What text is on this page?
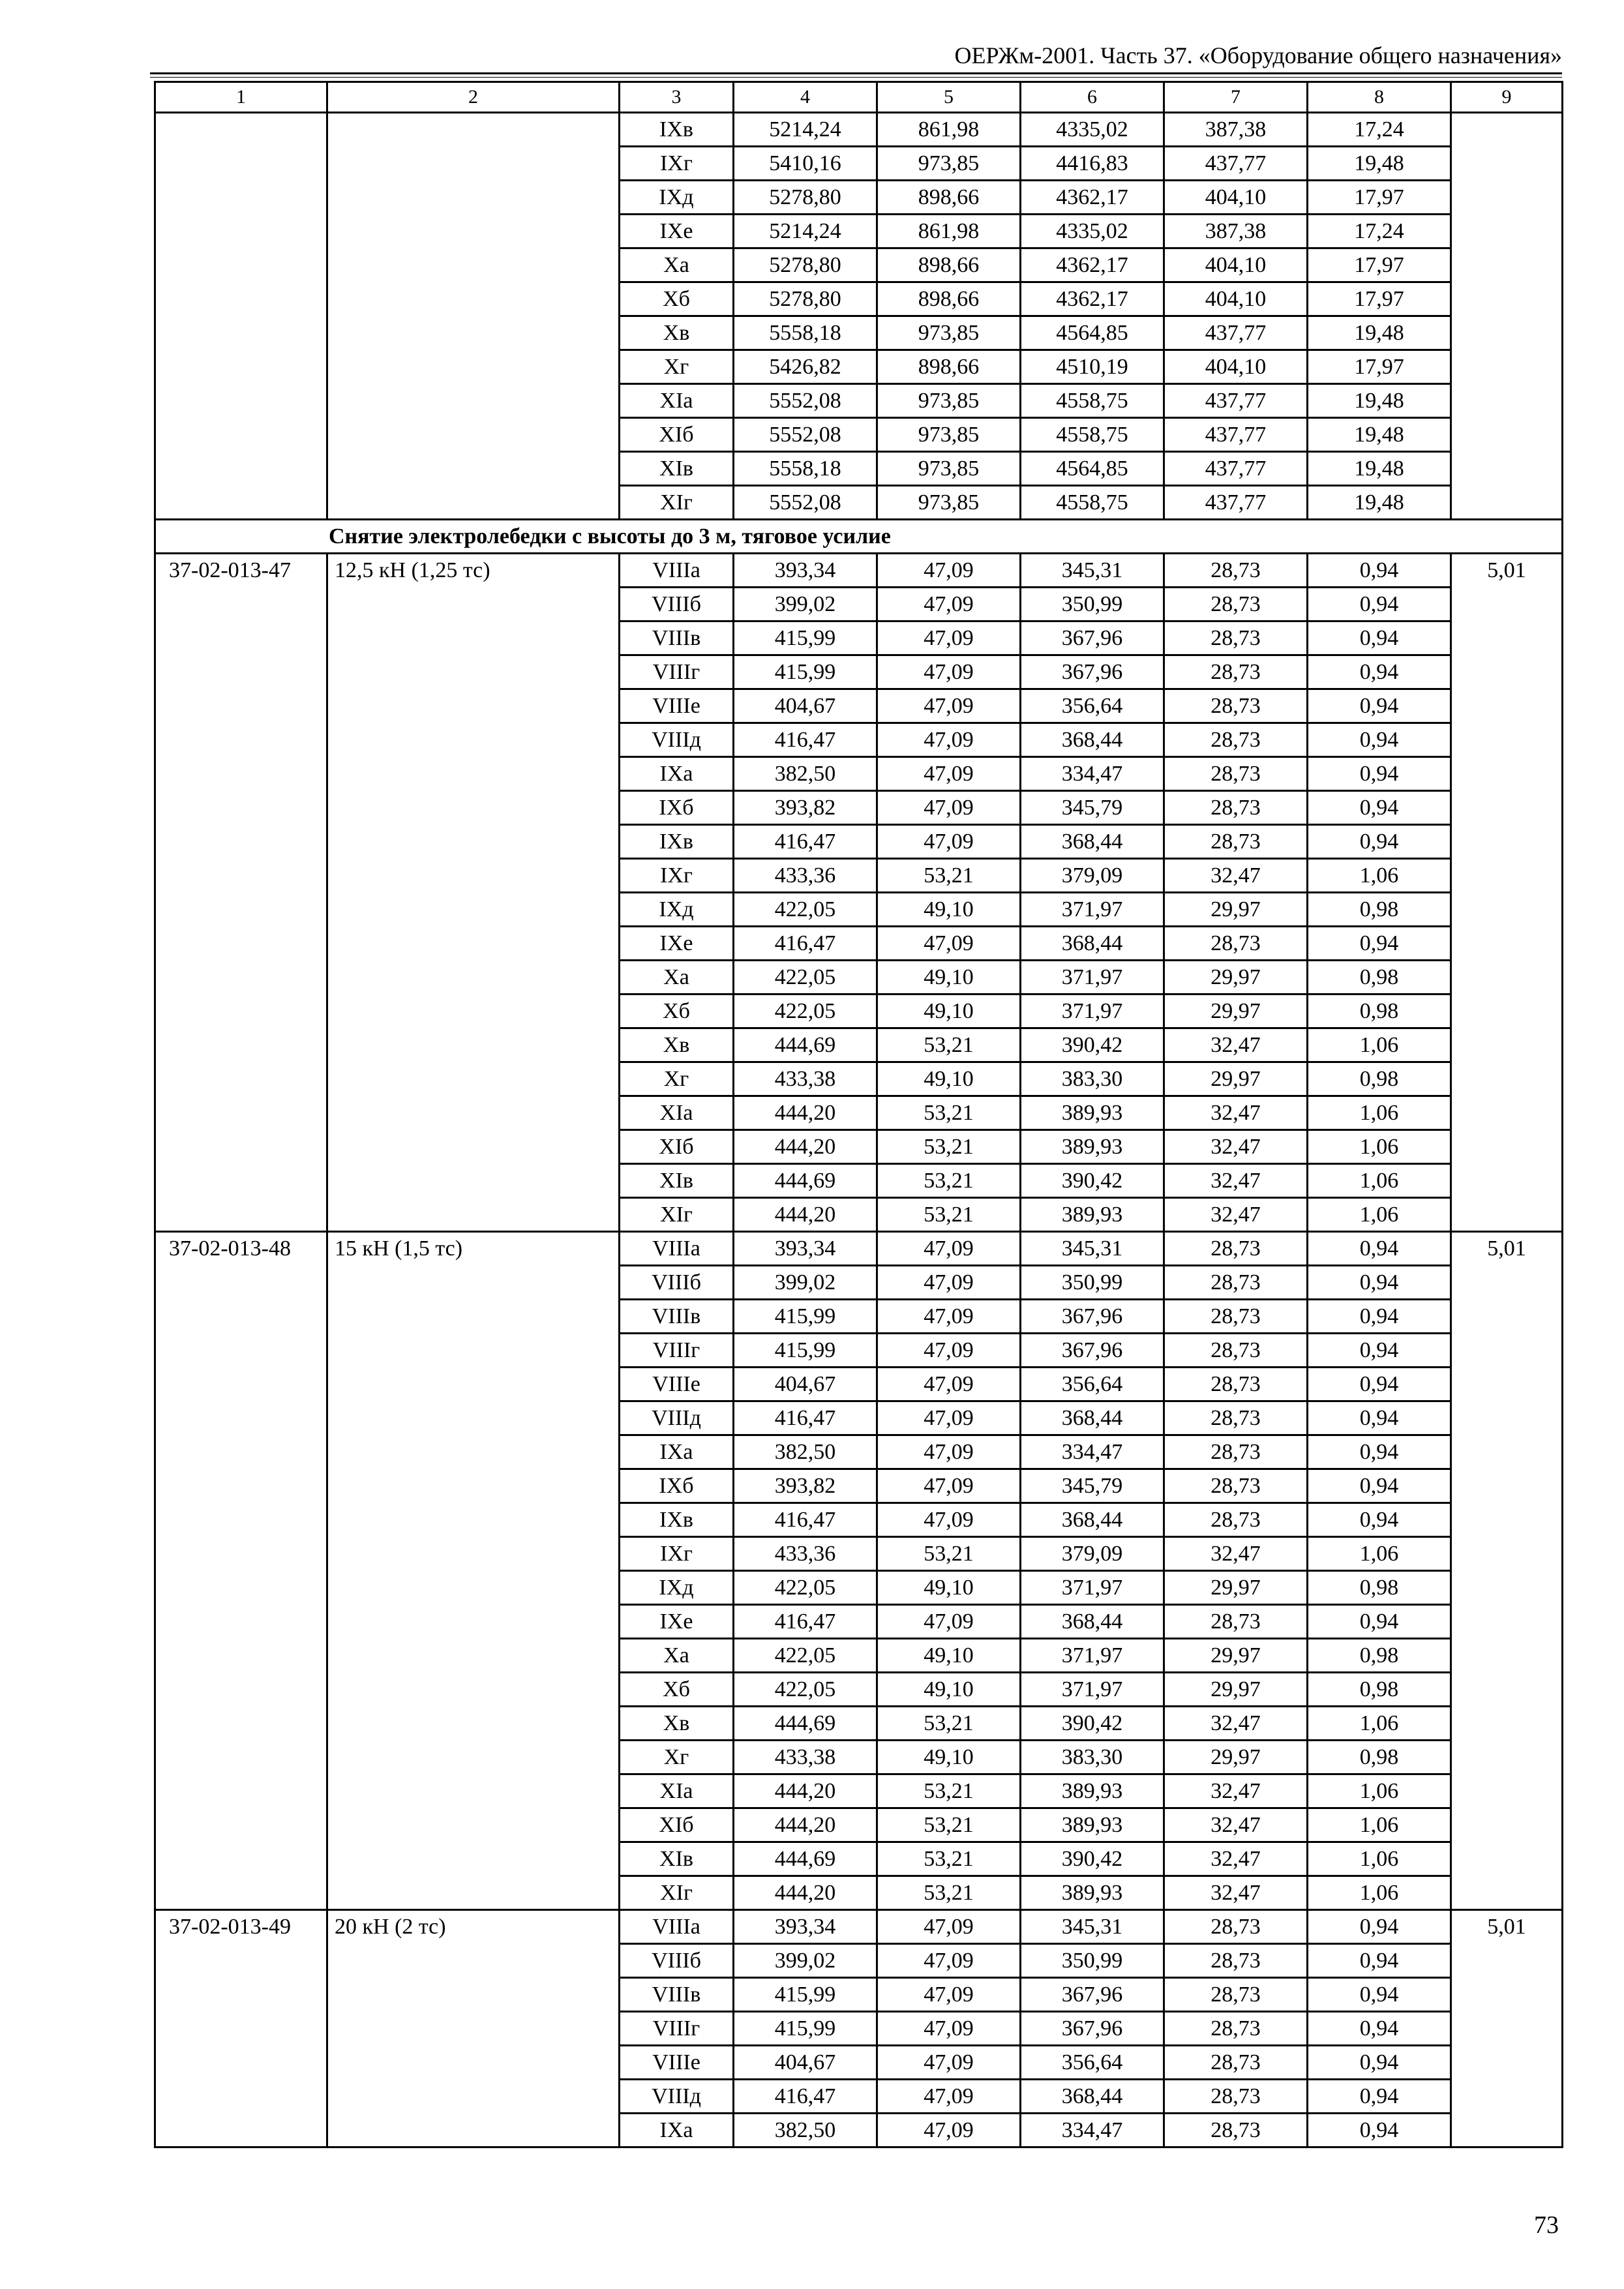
ОЕРЖм-2001. Часть 37. «Оборудование общего назначения»
1	2	3	4	5	6	7	8	9
		IXв	5214,24	861,98	4335,02	387,38	17,24	
		IXг	5410,16	973,85	4416,83	437,77	19,48	
		IXд	5278,80	898,66	4362,17	404,10	17,97	
		IXе	5214,24	861,98	4335,02	387,38	17,24	
		Xа	5278,80	898,66	4362,17	404,10	17,97	
		Xб	5278,80	898,66	4362,17	404,10	17,97	
		Xв	5558,18	973,85	4564,85	437,77	19,48	
		Xг	5426,82	898,66	4510,19	404,10	17,97	
		XIа	5552,08	973,85	4558,75	437,77	19,48	
		XIб	5552,08	973,85	4558,75	437,77	19,48	
		XIв	5558,18	973,85	4564,85	437,77	19,48	
		XIг	5552,08	973,85	4558,75	437,77	19,48	
Снятие электролебедки с высоты до 3 м, тяговое усилие								
37-02-013-47	12,5 кН (1,25 тс)	VIIIа	393,34	47,09	345,31	28,73	0,94	5,01
		VIIIб	399,02	47,09	350,99	28,73	0,94	
		VIIIв	415,99	47,09	367,96	28,73	0,94	
		VIIIг	415,99	47,09	367,96	28,73	0,94	
		VIIIе	404,67	47,09	356,64	28,73	0,94	
		VIIIд	416,47	47,09	368,44	28,73	0,94	
		IXа	382,50	47,09	334,47	28,73	0,94	
		IXб	393,82	47,09	345,79	28,73	0,94	
		IXв	416,47	47,09	368,44	28,73	0,94	
		IXг	433,36	53,21	379,09	32,47	1,06	
		IXд	422,05	49,10	371,97	29,97	0,98	
		IXе	416,47	47,09	368,44	28,73	0,94	
		Xа	422,05	49,10	371,97	29,97	0,98	
		Xб	422,05	49,10	371,97	29,97	0,98	
		Xв	444,69	53,21	390,42	32,47	1,06	
		Xг	433,38	49,10	383,30	29,97	0,98	
		XIа	444,20	53,21	389,93	32,47	1,06	
		XIб	444,20	53,21	389,93	32,47	1,06	
		XIв	444,69	53,21	390,42	32,47	1,06	
		XIг	444,20	53,21	389,93	32,47	1,06	
37-02-013-48	15 кН (1,5 тс)	VIIIа	393,34	47,09	345,31	28,73	0,94	5,01
		VIIIб	399,02	47,09	350,99	28,73	0,94	
		VIIIв	415,99	47,09	367,96	28,73	0,94	
		VIIIг	415,99	47,09	367,96	28,73	0,94	
		VIIIе	404,67	47,09	356,64	28,73	0,94	
		VIIIд	416,47	47,09	368,44	28,73	0,94	
		IXа	382,50	47,09	334,47	28,73	0,94	
		IXб	393,82	47,09	345,79	28,73	0,94	
		IXв	416,47	47,09	368,44	28,73	0,94	
		IXг	433,36	53,21	379,09	32,47	1,06	
		IXд	422,05	49,10	371,97	29,97	0,98	
		IXе	416,47	47,09	368,44	28,73	0,94	
		Xа	422,05	49,10	371,97	29,97	0,98	
		Xб	422,05	49,10	371,97	29,97	0,98	
		Xв	444,69	53,21	390,42	32,47	1,06	
		Xг	433,38	49,10	383,30	29,97	0,98	
		XIа	444,20	53,21	389,93	32,47	1,06	
		XIб	444,20	53,21	389,93	32,47	1,06	
		XIв	444,69	53,21	390,42	32,47	1,06	
		XIг	444,20	53,21	389,93	32,47	1,06	
37-02-013-49	20 кН (2 тс)	VIIIа	393,34	47,09	345,31	28,73	0,94	5,01
		VIIIб	399,02	47,09	350,99	28,73	0,94	
		VIIIв	415,99	47,09	367,96	28,73	0,94	
		VIIIг	415,99	47,09	367,96	28,73	0,94	
		VIIIе	404,67	47,09	356,64	28,73	0,94	
		VIIIд	416,47	47,09	368,44	28,73	0,94	
		IXа	382,50	47,09	334,47	28,73	0,94	
73
